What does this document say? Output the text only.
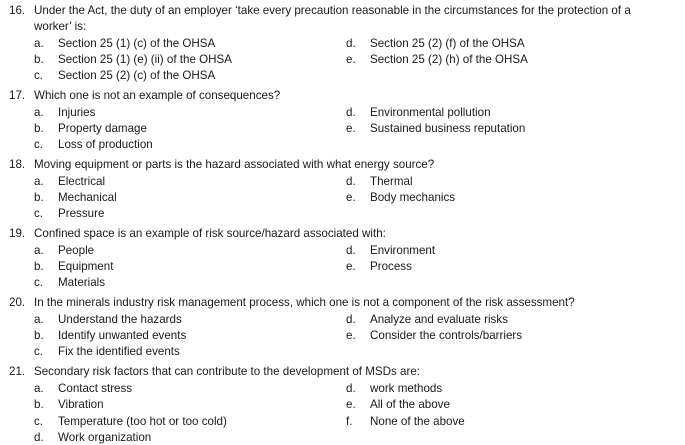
16. Under the Act, the duty of an employer ‘take every precaution reasonable in the circumstances for the protection of a
worker’ is:
a. Section 25 (1) (c) of the OHSA	d. Section 25 (2) (f) of the OHSA
b. Section 25 (1) (e) (ii) of the OHSA	e. Section 25 (2) (h) of the OHSA
c. Section 25 (2) (c) of the OHSA
17. Which one is not an example of consequences?
a. Injuries	d. Environmental pollution
b. Property damage	e. Sustained business reputation
c. Loss of production
18. Moving equipment or parts is the hazard associated with what energy source?
a. Electrical	d. Thermal
b. Mechanical	e. Body mechanics
c. Pressure
19. Confined space is an example of risk source/hazard associated with:
a. People	d. Environment
b. Equipment	e. Process
c. Materials
20. In the minerals industry risk management process, which one is not a component of the risk assessment?
a. Understand the hazards	d. Analyze and evaluate risks
b. Identify unwanted events	e. Consider the controls/barriers
c. Fix the identified events
21. Secondary risk factors that can contribute to the development of MSDs are:
a. Contact stress	d. work methods
b. Vibration	e. All of the above
c. Temperature (too hot or too cold)	f. None of the above
d. Work organization
